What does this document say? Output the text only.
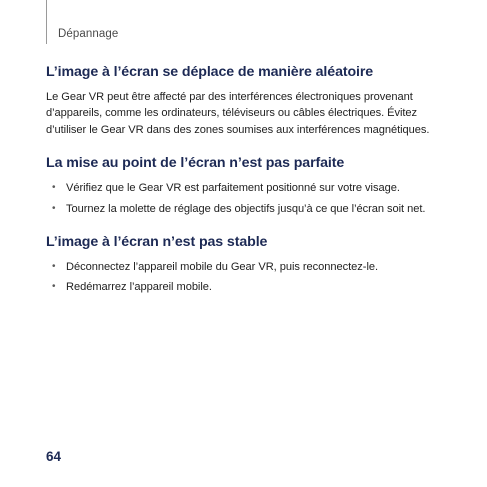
Dépannage
L’image à l’écran se déplace de manière aléatoire

Le Gear VR peut être affecté par des interférences électroniques provenant d’appareils, comme les ordinateurs, téléviseurs ou câbles électriques. Évitez d’utiliser le Gear VR dans des zones soumises aux interférences magnétiques.

La mise au point de l’écran n’est pas parfaite
• Vérifiez que le Gear VR est parfaitement positionné sur votre visage.
• Tournez la molette de réglage des objectifs jusqu’à ce que l’écran soit net.
L’image à l’écran n’est pas stable
• Déconnectez l’appareil mobile du Gear VR, puis reconnectez-le.
• Redémarrez l’appareil mobile.
64
